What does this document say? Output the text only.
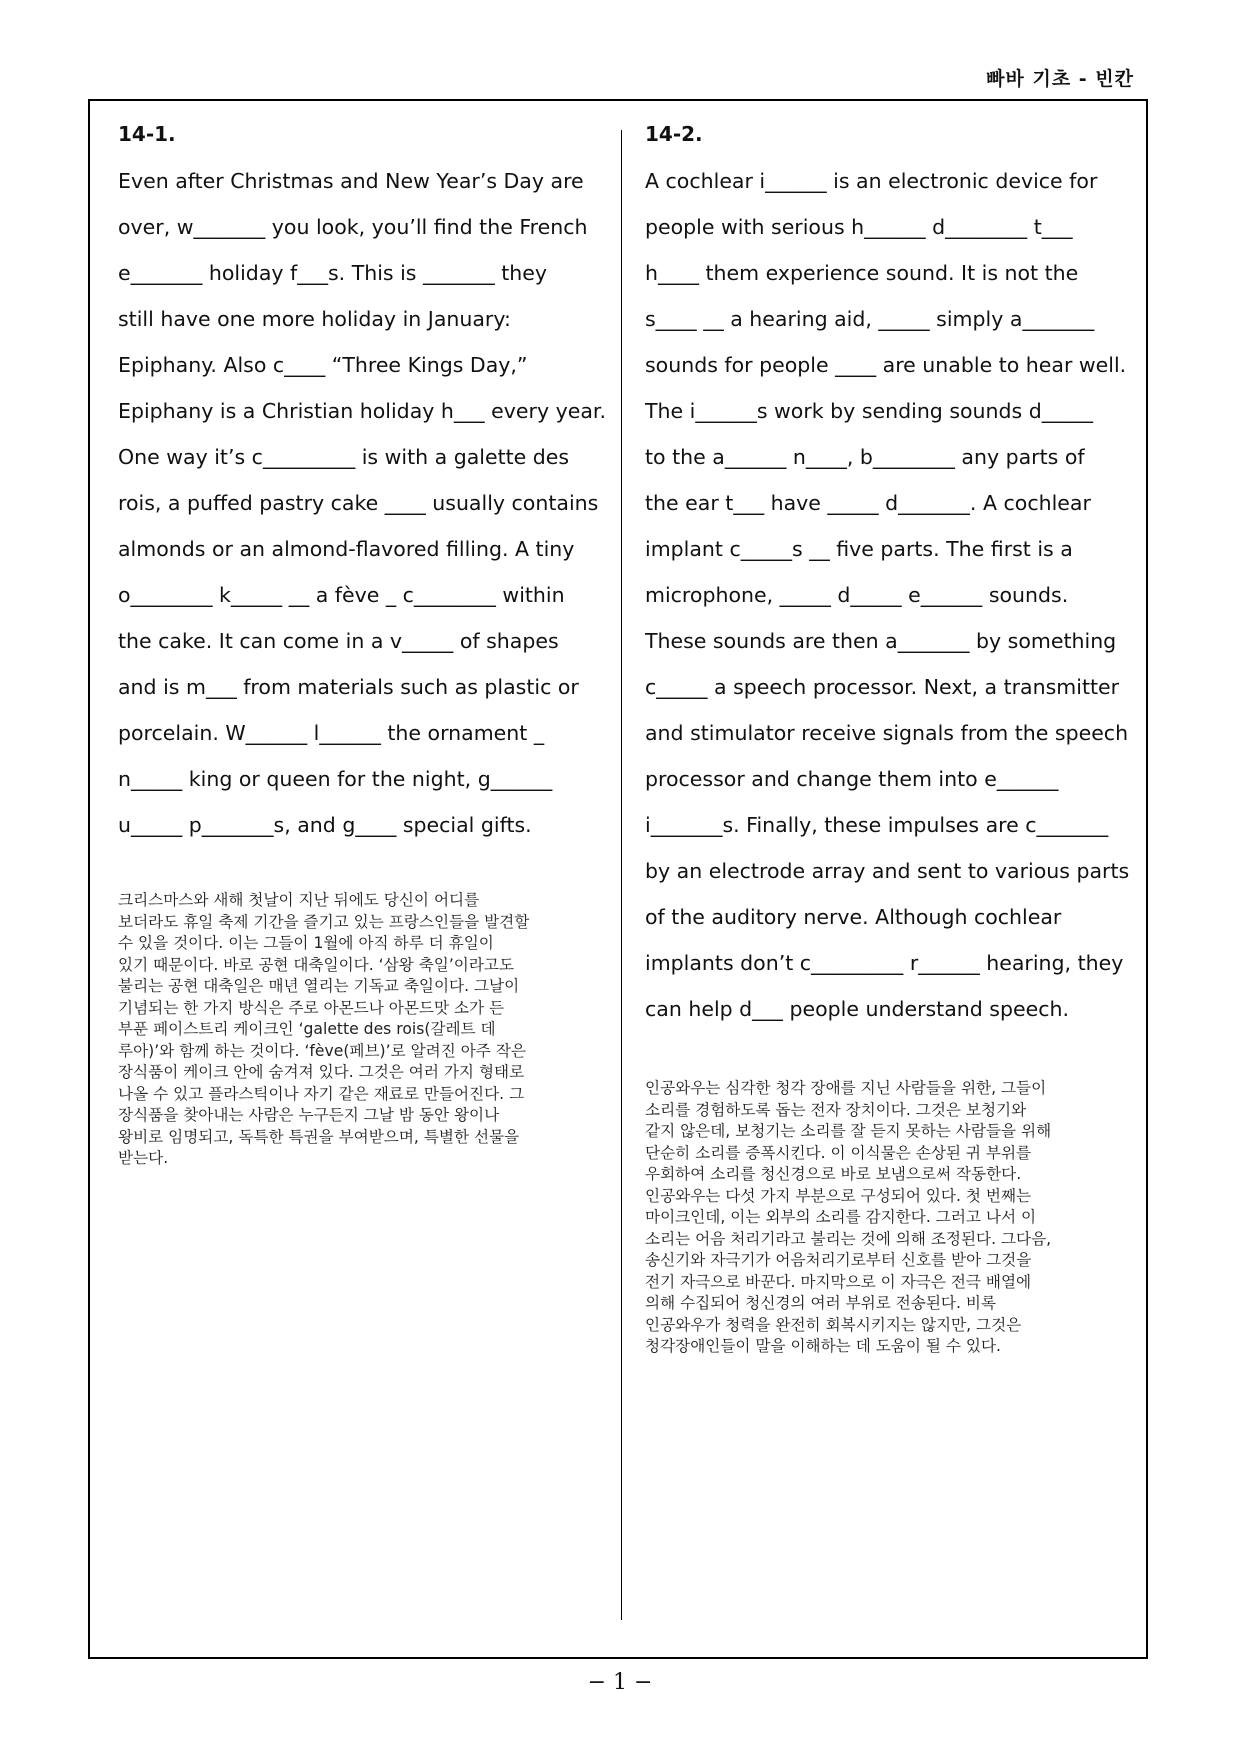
빠바 기초 - 빈칸
14-1.
Even after Christmas and New Year’s Day are
over, w_______ you look, you’ll find the French
e_______ holiday f___s. This is _______ they
still have one more holiday in January:
Epiphany. Also c____ “Three Kings Day,”
Epiphany is a Christian holiday h___ every year.
One way it’s c_________ is with a galette des
rois, a puffed pastry cake ____ usually contains
almonds or an almond-flavored filling. A tiny
o________ k_____ __ a fève _ c________ within
the cake. It can come in a v_____ of shapes
and is m___ from materials such as plastic or
porcelain. W______ l______ the ornament _
n_____ king or queen for the night, g______
u_____ p_______s, and g____ special gifts.
크리스마스와 새해 첫날이 지난 뒤에도 당신이 어디를
보더라도 휴일 축제 기간을 즐기고 있는 프랑스인들을 발견할
수 있을 것이다. 이는 그들이 1월에 아직 하루 더 휴일이
있기 때문이다. 바로 공현 대축일이다. ‘삼왕 축일’이라고도
불리는 공현 대축일은 매년 열리는 기독교 축일이다. 그날이
기념되는 한 가지 방식은 주로 아몬드나 아몬드맛 소가 든
부푼 페이스트리 케이크인 ‘galette des rois(갈레트 데
루아)’와 함께 하는 것이다. ‘fève(페브)’로 알려진 아주 작은
장식품이 케이크 안에 숨겨져 있다. 그것은 여러 가지 형태로
나올 수 있고 플라스틱이나 자기 같은 재료로 만들어진다. 그
장식품을 찾아내는 사람은 누구든지 그날 밤 동안 왕이나
왕비로 임명되고, 독특한 특권을 부여받으며, 특별한 선물을
받는다.
14-2.
A cochlear i______ is an electronic device for
people with serious h______ d________ t___
h____ them experience sound. It is not the
s____ __ a hearing aid, _____ simply a_______
sounds for people ____ are unable to hear well.
The i______s work by sending sounds d_____
to the a______ n____, b________ any parts of
the ear t___ have _____ d_______. A cochlear
implant c_____s __ five parts. The first is a
microphone, _____ d_____ e______ sounds.
These sounds are then a_______ by something
c_____ a speech processor. Next, a transmitter
and stimulator receive signals from the speech
processor and change them into e______
i_______s. Finally, these impulses are c_______
by an electrode array and sent to various parts
of the auditory nerve. Although cochlear
implants don’t c_________ r______ hearing, they
can help d___ people understand speech.
인공와우는 심각한 청각 장애를 지닌 사람들을 위한, 그들이
소리를 경험하도록 돕는 전자 장치이다. 그것은 보청기와
같지 않은데, 보청기는 소리를 잘 듣지 못하는 사람들을 위해
단순히 소리를 증폭시킨다. 이 이식물은 손상된 귀 부위를
우회하여 소리를 청신경으로 바로 보냄으로써 작동한다.
인공와우는 다섯 가지 부분으로 구성되어 있다. 첫 번째는
마이크인데, 이는 외부의 소리를 감지한다. 그러고 나서 이
소리는 어음 처리기라고 불리는 것에 의해 조정된다. 그다음,
송신기와 자극기가 어음처리기로부터 신호를 받아 그것을
전기 자극으로 바꾼다. 마지막으로 이 자극은 전극 배열에
의해 수집되어 청신경의 여러 부위로 전송된다. 비록
인공와우가 청력을 완전히 회복시키지는 않지만, 그것은
청각장애인들이 말을 이해하는 데 도움이 될 수 있다.
− 1 −
